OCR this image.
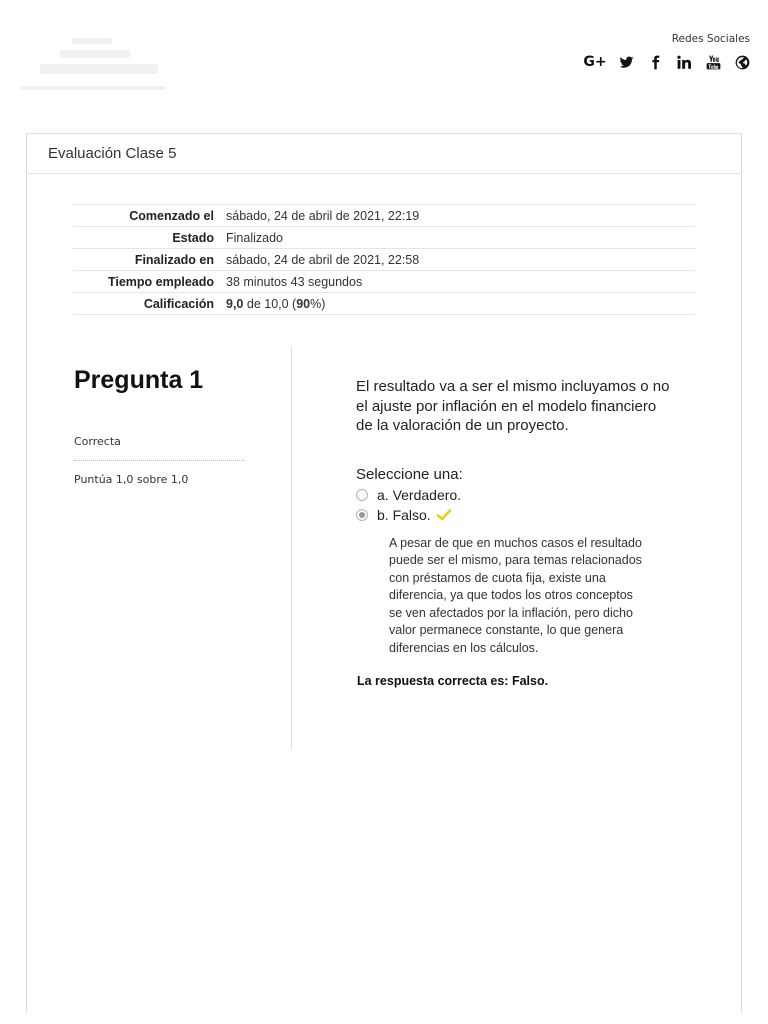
Redes Sociales
G+
Evaluación Clase 5
Comenzado el	sábado, 24 de abril de 2021, 22:19
Estado	Finalizado
Finalizado en	sábado, 24 de abril de 2021, 22:58
Tiempo empleado	38 minutos 43 segundos
Calificación	9,0 de 10,0 (90%)
Pregunta 1
Correcta
Puntúa 1,0 sobre 1,0
El resultado va a ser el mismo incluyamos o no el ajuste por inflación en el modelo financiero de la valoración de un proyecto.
Seleccione una:
a. Verdadero.
b. Falso.
A pesar de que en muchos casos el resultado puede ser el mismo, para temas relacionados con préstamos de cuota fija, existe una diferencia, ya que todos los otros conceptos se ven afectados por la inflación, pero dicho valor permanece constante, lo que genera diferencias en los cálculos.
La respuesta correcta es: Falso.
